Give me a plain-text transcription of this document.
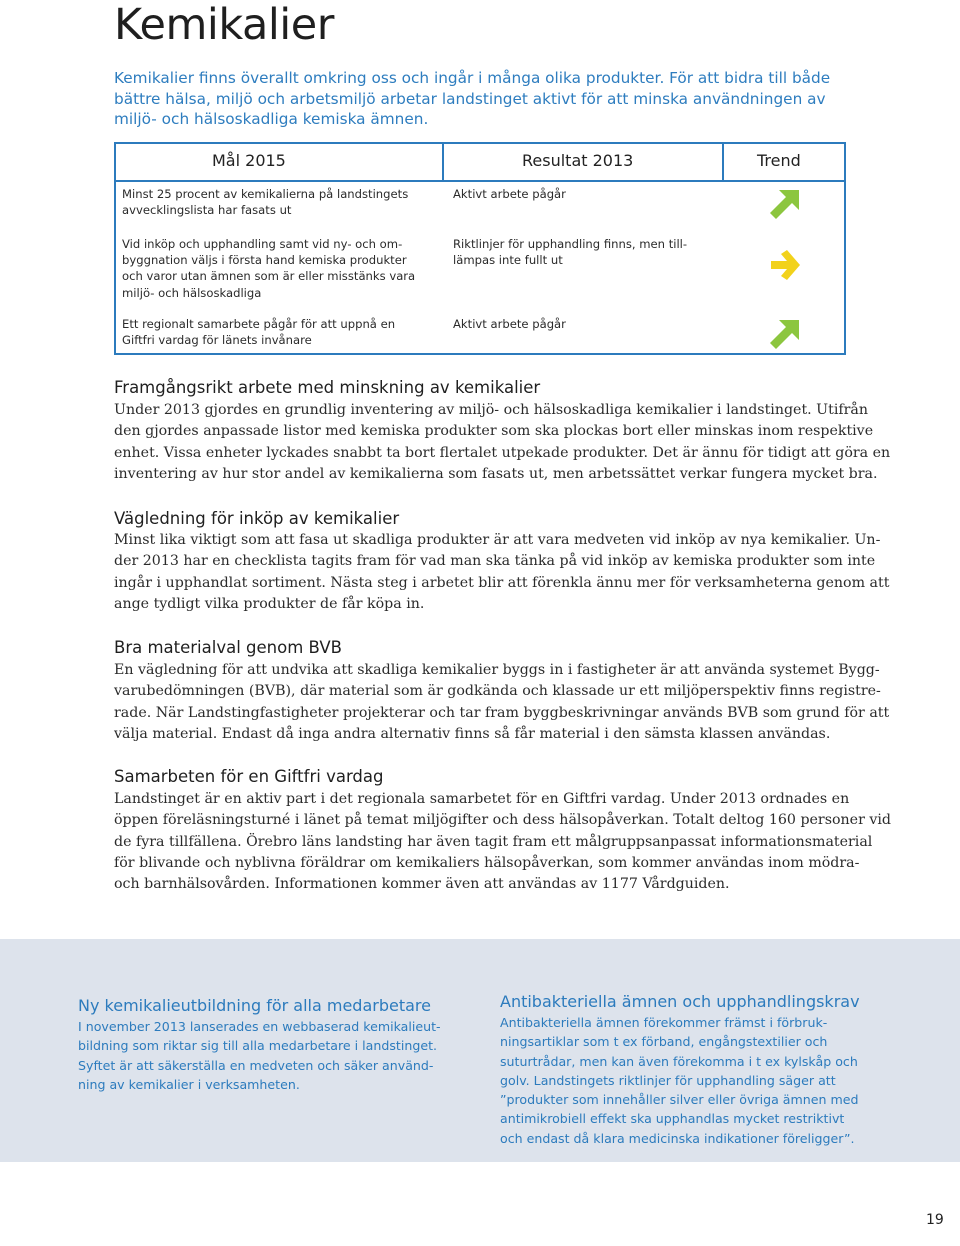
Kemikalier
Kemikalier finns överallt omkring oss och ingår i många olika produkter. För att bidra till både bättre hälsa, miljö och arbetsmiljö arbetar landstinget aktivt för att minska användningen av miljö- och hälsoskadliga kemiska ämnen.
Mål 2015	Resultat 2013	Trend
Minst 25 procent av kemikalierna på landstingets
avvecklingslista har fasats ut
Aktivt arbete pågår
Vid inköp och upphandling samt vid ny- och om-
byggnation väljs i första hand kemiska produkter
och varor utan ämnen som är eller misstänks vara
miljö- och hälsoskadliga
Riktlinjer för upphandling finns, men till-
lämpas inte fullt ut
Ett regionalt samarbete pågår för att uppnå en
Giftfri vardag för länets invånare
Aktivt arbete pågår
Framgångsrikt arbete med minskning av kemikalier
Under 2013 gjordes en grundlig inventering av miljö- och hälsoskadliga kemikalier i landstinget. Utifrån
den gjordes anpassade listor med kemiska produkter som ska plockas bort eller minskas inom respektive
enhet. Vissa enheter lyckades snabbt ta bort flertalet utpekade produkter. Det är ännu för tidigt att göra en
inventering av hur stor andel av kemikalierna som fasats ut, men arbetssättet verkar fungera mycket bra.
Vägledning för inköp av kemikalier
Minst lika viktigt som att fasa ut skadliga produkter är att vara medveten vid inköp av nya kemikalier. Un-
der 2013 har en checklista tagits fram för vad man ska tänka på vid inköp av kemiska produkter som inte
ingår i upphandlat sortiment. Nästa steg i arbetet blir att förenkla ännu mer för verksamheterna genom att
ange tydligt vilka produkter de får köpa in.
Bra materialval genom BVB
En vägledning för att undvika att skadliga kemikalier byggs in i fastigheter är att använda systemet Bygg-
varubedömningen (BVB), där material som är godkända och klassade ur ett miljöperspektiv finns registre-
rade. När Landstingfastigheter projekterar och tar fram byggbeskrivningar används BVB som grund för att
välja material. Endast då inga andra alternativ finns så får material i den sämsta klassen användas.
Samarbeten för en Giftfri vardag
Landstinget är en aktiv part i det regionala samarbetet för en Giftfri vardag. Under 2013 ordnades en
öppen föreläsningsturné i länet på temat miljögifter och dess hälsopåverkan. Totalt deltog 160 personer vid
de fyra tillfällena. Örebro läns landsting har även tagit fram ett målgruppsanpassat informationsmaterial
för blivande och nyblivna föräldrar om kemikaliers hälsopåverkan, som kommer användas inom mödra-
och barnhälsovården. Informationen kommer även att användas av 1177 Vårdguiden.
Ny kemikalieutbildning för alla medarbetare
I november 2013 lanserades en webbaserad kemikalieut-
bildning som riktar sig till alla medarbetare i landstinget.
Syftet är att säkerställa en medveten och säker använd-
ning av kemikalier i verksamheten.
Antibakteriella ämnen och upphandlingskrav
Antibakteriella ämnen förekommer främst i förbruk-
ningsartiklar som t ex förband, engångstextilier och
suturtrådar, men kan även förekomma i t ex kylskåp och
golv. Landstingets riktlinjer för upphandling säger att
”produkter som innehåller silver eller övriga ämnen med
antimikrobiell effekt ska upphandlas mycket restriktivt
och endast då klara medicinska indikationer föreligger”.
19
